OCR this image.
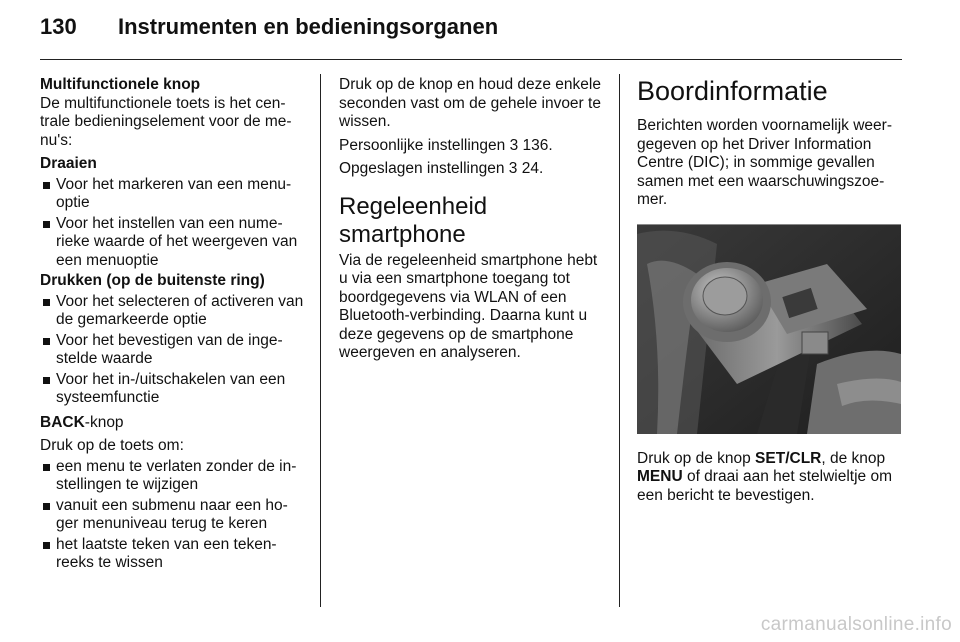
130	Instrumenten en bedieningsorganen

Multifunctionele knop

De multifunctionele toets is het cen-trale bedieningselement voor de me-nu's:

Draaien

Voor het markeren van een menu-optie
Voor het instellen van een nume-rieke waarde of het weergeven van een menuoptie

Drukken (op de buitenste ring)

Voor het selecteren of activeren van de gemarkeerde optie
Voor het bevestigen van de inge-stelde waarde
Voor het in-/uitschakelen van een systeemfunctie

BACK-knop

Druk op de toets om:

een menu te verlaten zonder de in-stellingen te wijzigen
vanuit een submenu naar een ho-ger menuniveau terug te keren
het laatste teken van een teken-reeks te wissen

Druk op de knop en houd deze enkele seconden vast om de gehele invoer te wissen.

Persoonlijke instellingen 3 136.

Opgeslagen instellingen 3 24.

Regeleenheid smartphone

Via de regeleenheid smartphone hebt u via een smartphone toegang tot boordgegevens via WLAN of een Bluetooth-verbinding. Daarna kunt u deze gegevens op de smartphone weergeven en analyseren.

Boordinformatie

Berichten worden voornamelijk weer-gegeven op het Driver Information Centre (DIC); in sommige gevallen samen met een waarschuwingszoe-mer.

Druk op de knop SET/CLR, de knop MENU of draai aan het stelwieltje om een bericht te bevestigen.

carmanualsonline.info
